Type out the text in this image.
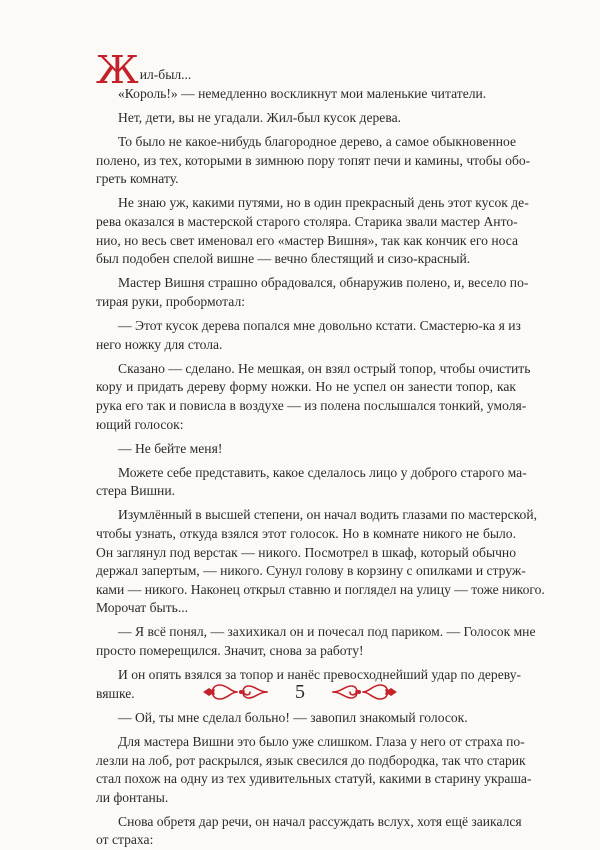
Жил-был...
«Король!» — немедленно воскликнут мои маленькие читатели.
Нет, дети, вы не угадали. Жил-был кусок дерева.
То было не какое-нибудь благородное дерево, а самое обыкновенное
полено, из тех, которыми в зимнюю пору топят печи и камины, чтобы обо-
греть комнату.
Не знаю уж, какими путями, но в один прекрасный день этот кусок де-
рева оказался в мастерской старого столяра. Старика звали мастер Анто-
нио, но весь свет именовал его «мастер Вишня», так как кончик его носа
был подобен спелой вишне — вечно блестящий и сизо-красный.
Мастер Вишня страшно обрадовался, обнаружив полено, и, весело по-
тирая руки, пробормотал:
— Этот кусок дерева попался мне довольно кстати. Смастерю-ка я из
него ножку для стола.
Сказано — сделано. Не мешкая, он взял острый топор, чтобы очистить
кору и придать дереву форму ножки. Но не успел он занести топор, как
рука его так и повисла в воздухе — из полена послышался тонкий, умоля-
ющий голосок:
— Не бейте меня!
Можете себе представить, какое сделалось лицо у доброго старого ма-
стера Вишни.
Изумлённый в высшей степени, он начал водить глазами по мастерской,
чтобы узнать, откуда взялся этот голосок. Но в комнате никого не было.
Он заглянул под верстак — никого. Посмотрел в шкаф, который обычно
держал запертым, — никого. Сунул голову в корзину с опилками и струж-
ками — никого. Наконец открыл ставню и поглядел на улицу — тоже никого.
Морочат быть...
— Я всё понял, — захихикал он и почесал под париком. — Голосок мне
просто померещился. Значит, снова за работу!
И он опять взялся за топор и нанёс превосходнейший удар по дереву-
вяшке.
— Ой, ты мне сделал больно! — завопил знакомый голосок.
Для мастера Вишни это было уже слишком. Глаза у него от страха по-
лезли на лоб, рот раскрылся, язык свесился до подбородка, так что старик
стал похож на одну из тех удивительных статуй, какими в старину украша-
ли фонтаны.
Снова обретя дар речи, он начал рассуждать вслух, хотя ещё заикался
от страха:
5
